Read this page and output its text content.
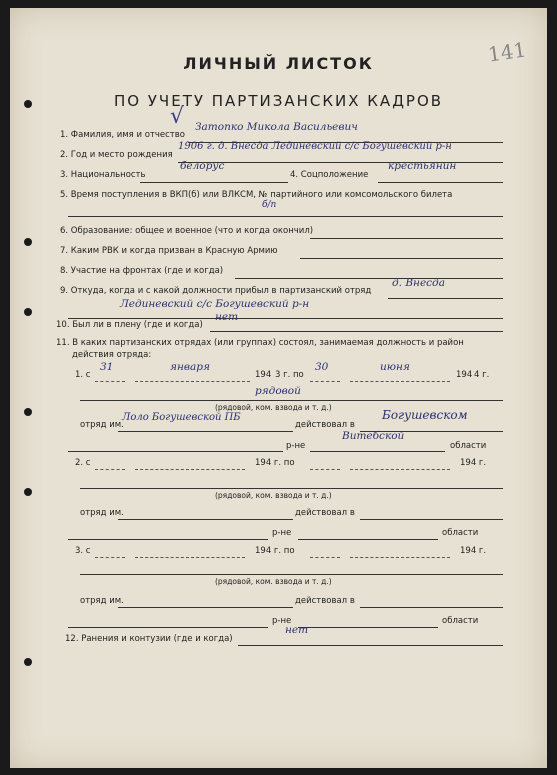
141
ЛИЧНЫЙ ЛИСТОК
ПО УЧЕТУ ПАРТИЗАНСКИХ КАДРОВ
√
1. Фамилия, имя и отчество
Затопко Микола Васильевич
2. Год и место рождения
1906 г. д. Внесда Лединевский с/с Богушевский р-н
3. Национальность
белорус
4. Соцположение
крестьянин
5. Время поступления в ВКП(б) или ВЛКСМ, № партийного или комсомольского билета
б/п
6. Образование: общее и военное (что и когда окончил)
7. Каким РВК и когда призван в Красную Армию
8. Участие на фронтах (где и когда)
9. Откуда, когда и с какой должности прибыл в партизанский отряд
д. Внесда
Лединевский с/с Богушевский р-н
10. Был ли в плену (где и когда)
нет
11. В каких партизанских отрядах (или группах) состоял, занимаемая должность и район
действия отряда:
1. с
31	января
194 3 г. по
30	июня
194 4 г.
рядовой
(рядовой, ком. взвода и т. д.)
отряд им.
Лоло Богушевской ПБ
действовал в
Богушевском
р-не
Витебской
области
2. с	194 г. по	194 г.
(рядовой, ком. взвода и т. д.)
отряд им.	действовал в
р-не	области
3. с	194 г. по	194 г.
(рядовой, ком. взвода и т. д.)
отряд им.	действовал в
р-не	области
12. Ранения и контузии (где и когда)
нет
